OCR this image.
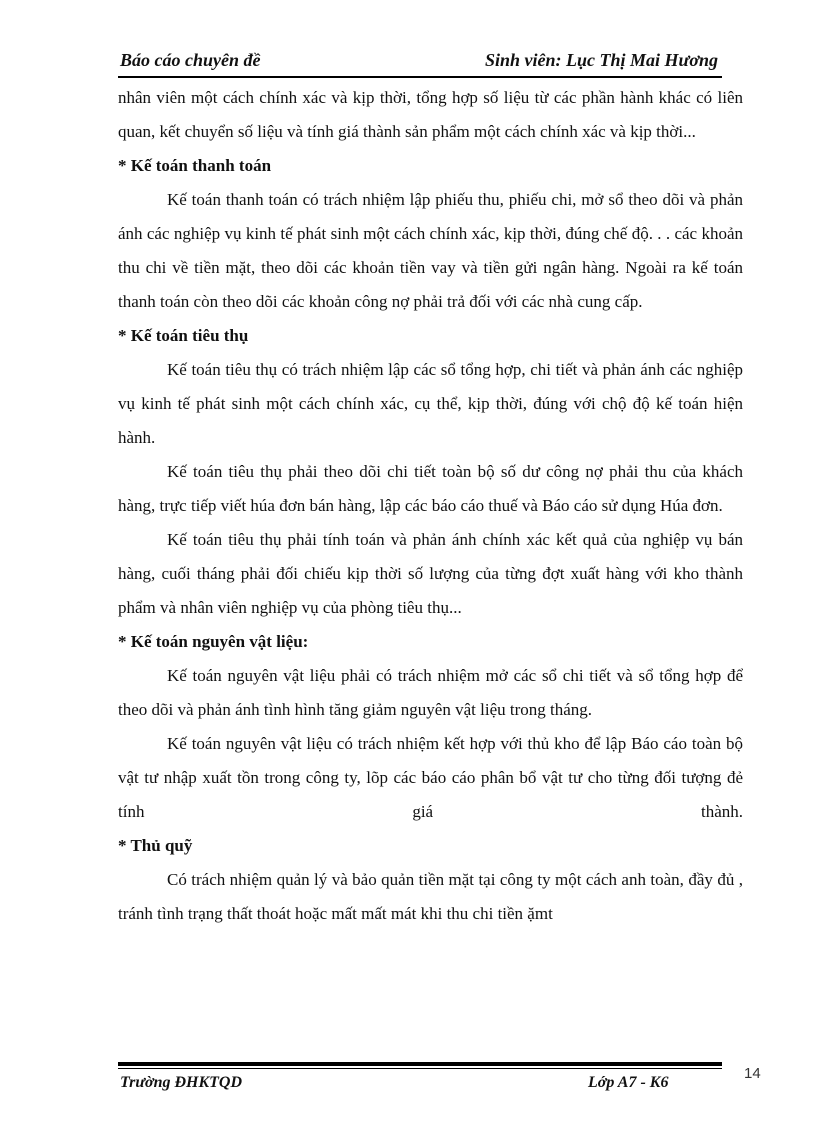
Báo cáo chuyên đề	Sinh viên: Lục Thị Mai Hương

nhân viên một cách chính xác và kịp thời, tổng hợp số liệu từ các phần hành khác có liên quan, kết chuyển số liệu và tính giá thành sản phẩm một cách chính xác và kịp thời...

* Kế toán thanh toán

Kế toán thanh toán có trách nhiệm lập phiếu thu, phiếu chi, mở sổ theo dõi và phản ánh các nghiệp vụ kinh tế phát sinh một cách chính xác, kịp thời, đúng chế độ. . . các khoản thu chi về tiền mặt, theo dõi các khoản tiền vay và tiền gửi ngân hàng. Ngoài ra kế toán thanh toán còn theo dõi các khoản công nợ phải trả đối với các nhà cung cấp.

* Kế toán tiêu thụ

Kế toán tiêu thụ có trách nhiệm lập các sổ tổng hợp, chi tiết và phản ánh các nghiệp vụ kinh tế phát sinh một cách chính xác, cụ thể, kịp thời, đúng với chộ độ kế toán hiện hành.

Kế toán tiêu thụ phải theo dõi chi tiết toàn bộ số dư công nợ phải thu của khách hàng, trực tiếp viết húa đơn bán hàng, lập các báo cáo thuế và Báo cáo sử dụng Húa đơn.

Kế toán tiêu thụ phải tính toán và phản ánh chính xác kết quả của nghiệp vụ bán hàng, cuối tháng phải đối chiếu kịp thời số lượng của từng đợt xuất hàng với kho thành phẩm và nhân viên nghiệp vụ của phòng tiêu thụ...

* Kế toán nguyên vật liệu:

Kế toán nguyên vật liệu phải có trách nhiệm mở các sổ chi tiết và sổ tổng hợp để theo dõi và phản ánh tình hình tăng giảm nguyên vật liệu trong tháng.

Kế toán nguyên vật liệu có trách nhiệm kết hợp với thủ kho để lập Báo cáo toàn bộ vật tư nhập xuất tồn trong công ty, lõp các báo cáo phân bổ vật tư cho từng đối tượng đẻ tính giá thành.

* Thủ quỹ

Có trách nhiệm quản lý và bảo quản tiền mặt tại công ty một cách anh toàn, đầy đủ , tránh tình trạng thất thoát hoặc mất mất mát khi thu chi tiền ặmt

Trường ĐHKTQD	Lớp A7 - K6
14
